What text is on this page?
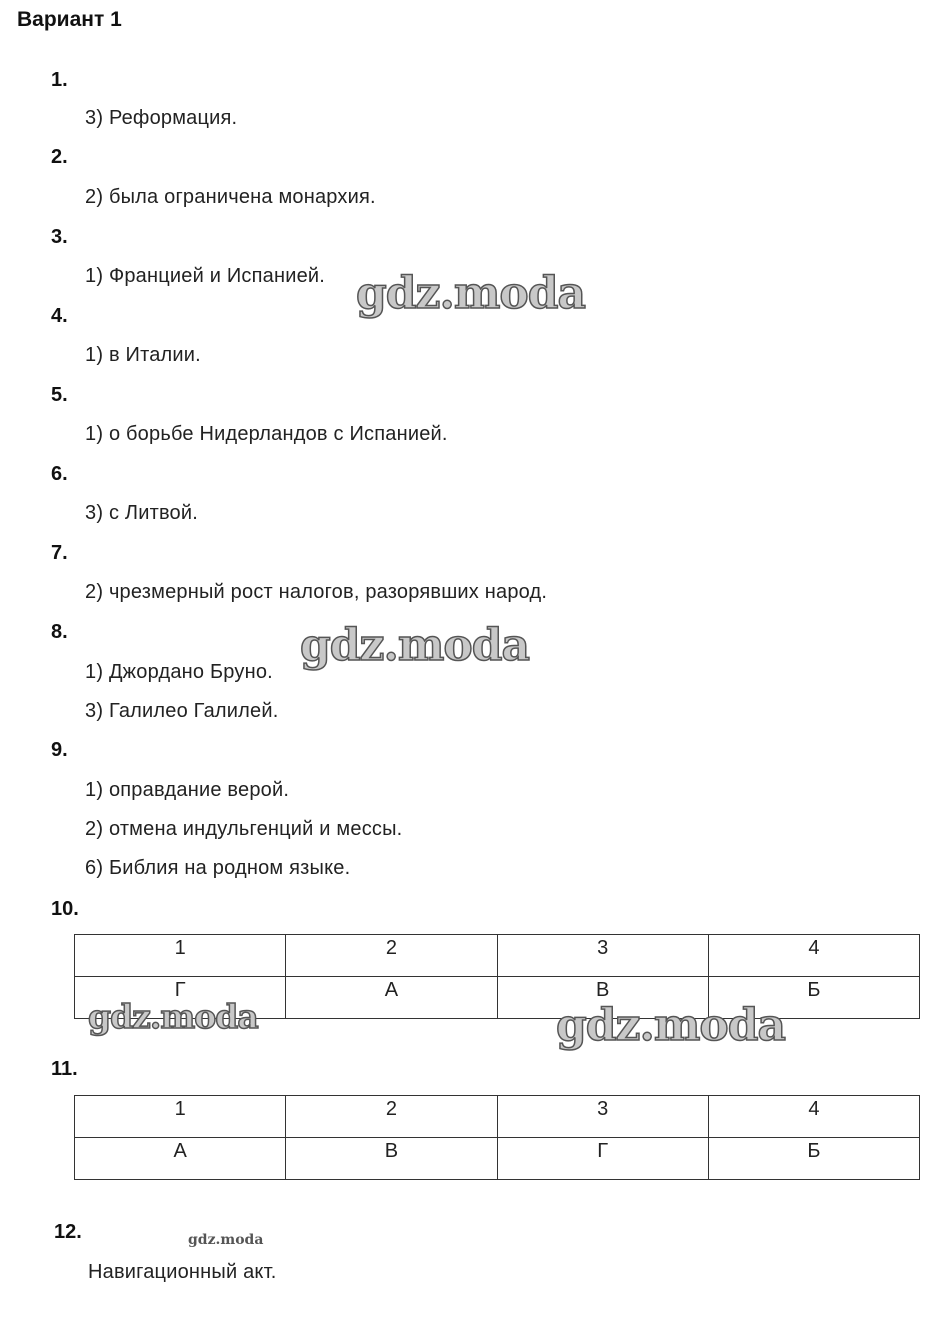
Вариант 1
1.
3) Реформация.
2.
2) была ограничена монархия.
3.
1) Францией и Испанией.
4.
1) в Италии.
5.
1) о борьбе Нидерландов с Испанией.
6.
3) с Литвой.
7.
2) чрезмерный рост налогов, разорявших народ.
8.
1) Джордано Бруно.
3) Галилео Галилей.
9.
1) оправдание верой.
2) отмена индульгенций и мессы.
6) Библия на родном языке.
10.
1	2	3	4
Г	А	В	Б
11.
1	2	3	4
А	В	Г	Б
12.
Навигационный акт.
gdz.moda
gdz.moda
gdz.moda	gdz.moda
gdz.moda
